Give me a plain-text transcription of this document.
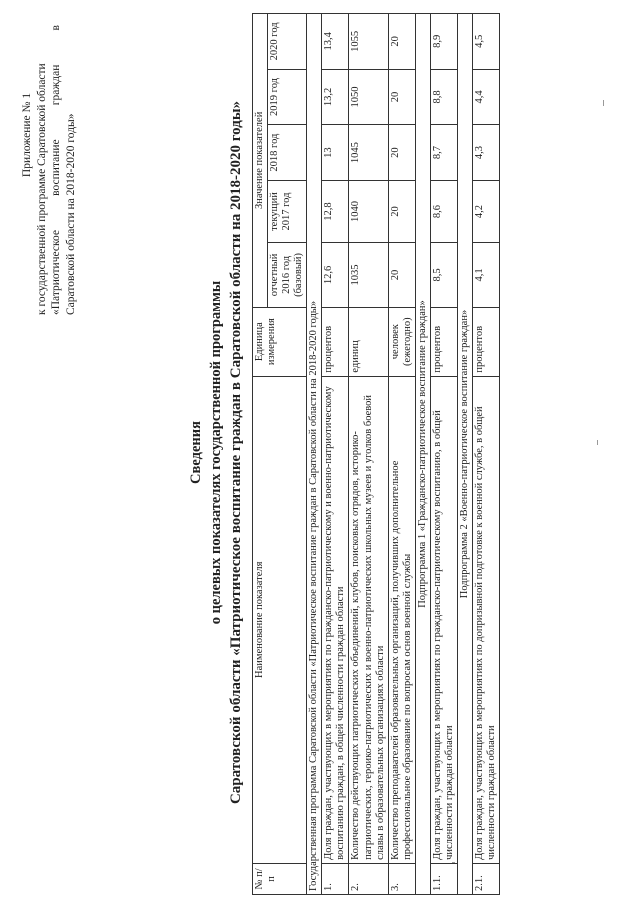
Приложение № 1 к государственной программе Саратовской области «Патриотическое
воспитание
граждан
в
Саратовской области на 2018-2020 годы»
Сведения о целевых показателях государственной программы Саратовской области «Патриотическое воспитание граждан в Саратовской области на 2018-2020 годы»
№ п/п	Наименование показателя	Единица измерения	Значение показателей				
			отчетный 2016 год (базовый)	текущий 2017 год	2018 год	2019 год	2020 год
Государственная программа Саратовской области «Патриотическое воспитание граждан в Саратовской области на 2018-2020 годы»							
1.	Доля граждан, участвующих в мероприятиях по гражданско-патриотическому и военно-патриотическому воспитанию граждан, в общей численности граждан области	процентов	12,6	12,8	13	13,2	13,4
2.	Количество действующих патриотических объединений, клубов, поисковых отрядов, историко-патриотических, героико-патриотических и военно-патриотических школьных музеев и уголков боевой славы в образовательных организациях области	единиц	1035	1040	1045	1050	1055
3.	Количество преподавателей образовательных организаций, получивших дополнительное профессиональное образование по вопросам основ военной службы	человек (ежегодно)	20	20	20	20	20
Подпрограмма 1 «Гражданско-патриотическое воспитание граждан»							
1.1.	Доля граждан, участвующих в мероприятиях по гражданско-патриотическому воспитанию, в общей численности граждан области	процентов	8,5	8,6	8,7	8,8	8,9
Подпрограмма 2 «Военно-патриотическое воспитание граждан»							
2.1.	Доля граждан, участвующих в мероприятиях по допризывной подготовке к военной службе, в общей численности граждан области	процентов	4,1	4,2	4,3	4,4	4,5
